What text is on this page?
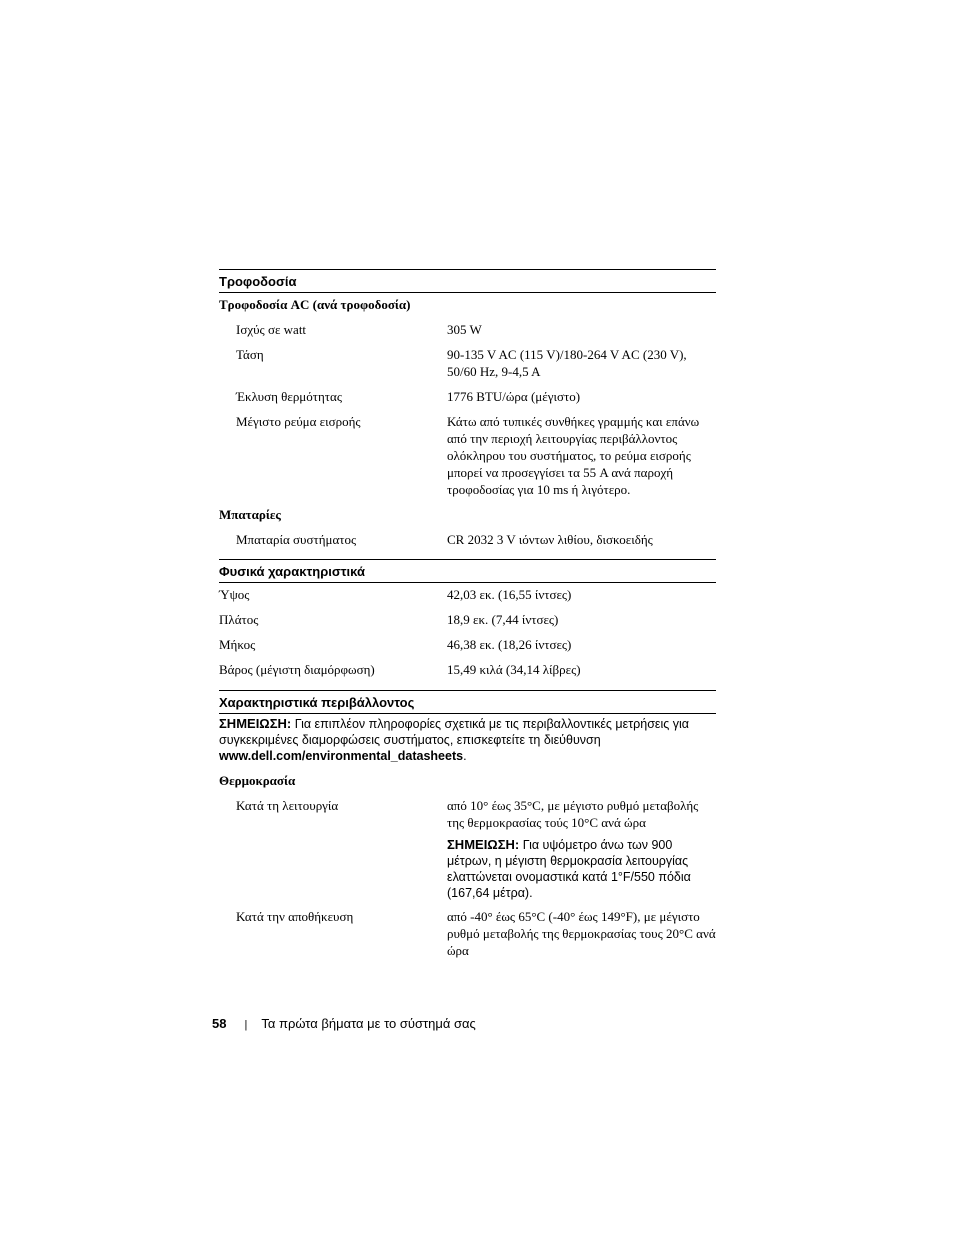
Τροφοδοσία
Τροφοδοσία AC (ανά τροφοδοσία)
Ισχύς σε watt	305 W
Τάση	90-135 V AC (115 V)/180-264 V AC (230 V), 50/60 Hz, 9-4,5 A
Έκλυση θερμότητας	1776 BTU/ώρα (μέγιστο)
Μέγιστο ρεύμα εισροής	Κάτω από τυπικές συνθήκες γραμμής και επάνω από την περιοχή λειτουργίας περιβάλλοντος ολόκληρου του συστήματος, το ρεύμα εισροής μπορεί να προσεγγίσει τα 55 A ανά παροχή τροφοδοσίας για 10 ms ή λιγότερο.
Μπαταρίες
Μπαταρία συστήματος	CR 2032 3 V ιόντων λιθίου, δισκοειδής
Φυσικά χαρακτηριστικά
Ύψος	42,03 εκ. (16,55 ίντσες)
Πλάτος	18,9 εκ. (7,44 ίντσες)
Μήκος	46,38 εκ. (18,26 ίντσες)
Βάρος (μέγιστη διαμόρφωση)	15,49 κιλά (34,14 λίβρες)
Χαρακτηριστικά περιβάλλοντος
ΣΗΜΕΙΩΣΗ: Για επιπλέον πληροφορίες σχετικά με τις περιβαλλοντικές μετρήσεις για συγκεκριμένες διαμορφώσεις συστήματος, επισκεφτείτε τη διεύθυνση www.dell.com/environmental_datasheets.
Θερμοκρασία
Κατά τη λειτουργία	από 10° έως 35°C, με μέγιστο ρυθμό μεταβολής της θερμοκρασίας τούς 10°C ανά ώρα
ΣΗΜΕΙΩΣΗ: Για υψόμετρο άνω των 900 μέτρων, η μέγιστη θερμοκρασία λειτουργίας ελαττώνεται ονομαστικά κατά 1°F/550 πόδια (167,64 μέτρα).
Κατά την αποθήκευση	από -40° έως 65°C (-40° έως 149°F), με μέγιστο ρυθμό μεταβολής της θερμοκρασίας τους 20°C ανά ώρα
58 | Τα πρώτα βήματα με το σύστημά σας
